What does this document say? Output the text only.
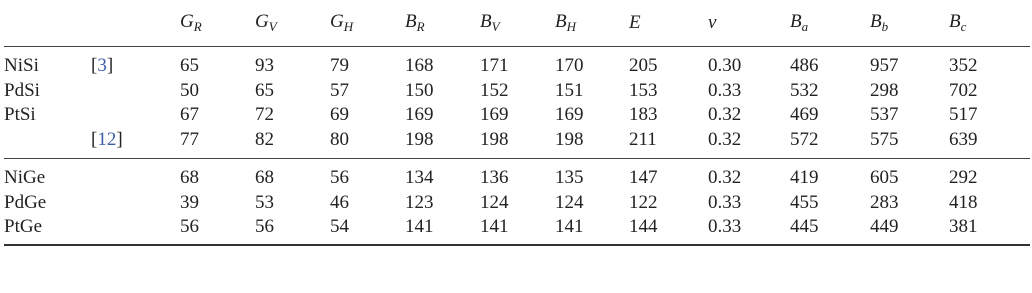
		$G_R$	$G_V$	$G_H$	$B_R$	$B_V$	$B_H$	E	ν	$B_a$	$B_b$	$B_c$

NiSi	[3]	65	93	79	168	171	170	205	0.30	486	957	352
PdSi		50	65	57	150	152	151	153	0.33	532	298	702
PtSi		67	72	69	169	169	169	183	0.32	469	537	517
	[12]	77	82	80	198	198	198	211	0.32	572	575	639

NiGe		68	68	56	134	136	135	147	0.32	419	605	292
PdGe		39	53	46	123	124	124	122	0.33	455	283	418
PtGe		56	56	54	141	141	141	144	0.33	445	449	381
